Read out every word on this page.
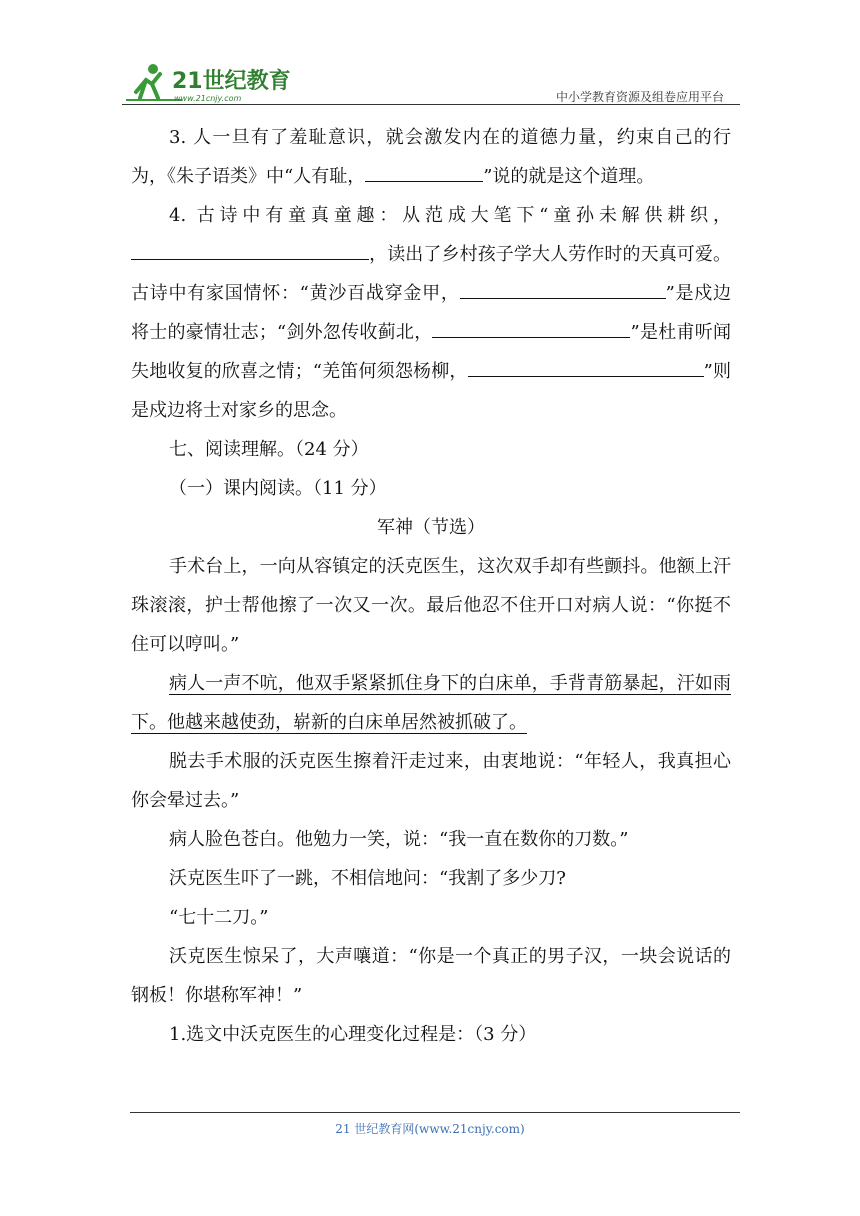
21世纪教育
www.21cnjy.com	中小学教育资源及组卷应用平台

3. 人一旦有了羞耻意识，就会激发内在的道德力量，约束自己的行为，《朱子语类》中“人有耻，	”说的就是这个道理。

4. 古诗中有童真童趣：从范成大笔下“童孙未解供耕织，，读出了乡村孩子学大人劳作时的天真可爱。古诗中有家国情怀：“黄沙百战穿金甲，	”是戍边将士的豪情壮志；“剑外忽传收蓟北，	”是杜甫听闻失地收复的欣喜之情；“羌笛何须怨杨柳，	”则是戍边将士对家乡的思念。

七、阅读理解。（24 分）

（一）课内阅读。（11 分）

军神（节选）

手术台上，一向从容镇定的沃克医生，这次双手却有些颤抖。他额上汗珠滚滚，护士帮他擦了一次又一次。最后他忍不住开口对病人说：“你挺不住可以哼叫。”

病人一声不吭，他双手紧紧抓住身下的白床单，手背青筋暴起，汗如雨下。他越来越使劲，崭新的白床单居然被抓破了。

脱去手术服的沃克医生擦着汗走过来，由衷地说：“年轻人，我真担心你会晕过去。”

病人脸色苍白。他勉力一笑，说：“我一直在数你的刀数。”

沃克医生吓了一跳，不相信地问：“我割了多少刀?

“七十二刀。”

沃克医生惊呆了，大声嚷道：“你是一个真正的男子汉，一块会说话的钢板！你堪称军神！”

1.选文中沃克医生的心理变化过程是：（3 分）

21 世纪教育网(www.21cnjy.com)
